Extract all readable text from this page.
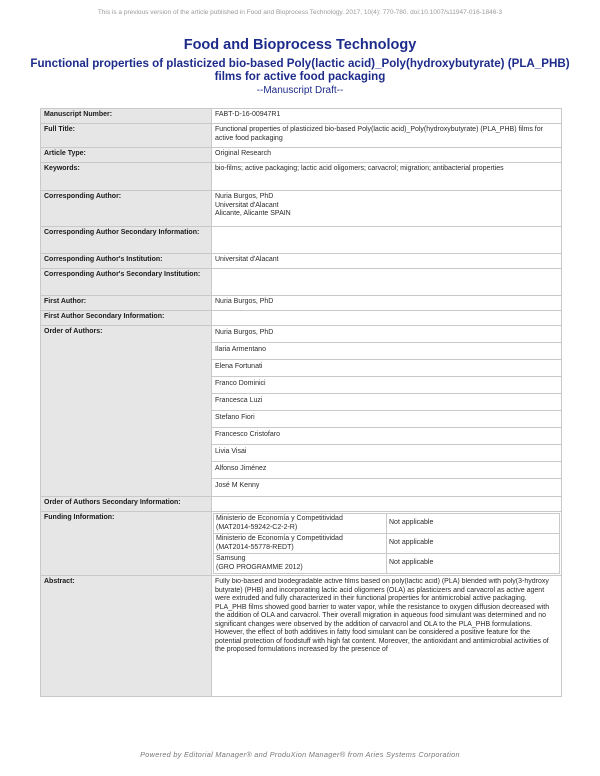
This is a previous version of the article published in Food and Bioprocess Technology. 2017, 10(4): 770-780. doi:10.1007/s11947-016-1846-3
Food and Bioprocess Technology
Functional properties of plasticized bio-based Poly(lactic acid)_Poly(hydroxybutyrate) (PLA_PHB) films for active food packaging
--Manuscript Draft--
Manuscript Number:	FABT-D-16-00947R1
Full Title:	Functional properties of plasticized bio-based Poly(lactic acid)_Poly(hydroxybutyrate) (PLA_PHB) films for active food packaging
Article Type:	Original Research
Keywords:	bio-films; active packaging; lactic acid oligomers; carvacrol; migration; antibacterial properties
Corresponding Author:	Nuria Burgos, PhD
Universitat d'Alacant
Alicante, Alicante SPAIN

Corresponding Author Secondary Information:	
Corresponding Author's Institution:	Universitat d'Alacant
Corresponding Author's Secondary Institution:	
First Author:	Nuria Burgos, PhD
First Author Secondary Information:	
Order of Authors:	Nuria Burgos, PhD
Ilaria Armentano
Elena Fortunati
Franco Dominici
Francesca Luzi
Stefano Fiori
Francesco Cristofaro
Livia Visai
Alfonso Jiménez
José M Kenny

Order of Authors Secondary Information:	
Funding Information:		Ministerio de Economía y Competitividad
(MAT2014-59242-C2-2-R)
	Not applicable

Ministerio de Economía y Competitividad
(MAT2014-55778-REDT)
	Not applicable

Samsung
(GRO PROGRAMME 2012)
	Not applicable

Abstract:	Fully bio-based and biodegradable active films based on poly(lactic acid) (PLA) blended with poly(3-hydroxy butyrate) (PHB) and incorporating lactic acid oligomers (OLA) as plasticizers and carvacrol as active agent were extruded and fully characterized in their functional properties for antimicrobial active packaging. PLA_PHB films showed good barrier to water vapor, while the resistance to oxygen diffusion decreased with the addition of OLA and carvacrol. Their overall migration in aqueous food simulant was determined and no significant changes were observed by the addition of carvacrol and OLA to the PLA_PHB formulations. However, the effect of both additives in fatty food simulant can be considered a positive feature for the potential protection of foodstuff with high fat content. Moreover, the antioxidant and antimicrobial activities of the proposed formulations increased by the presence of
Powered by Editorial Manager® and ProduXion Manager® from Aries Systems Corporation
